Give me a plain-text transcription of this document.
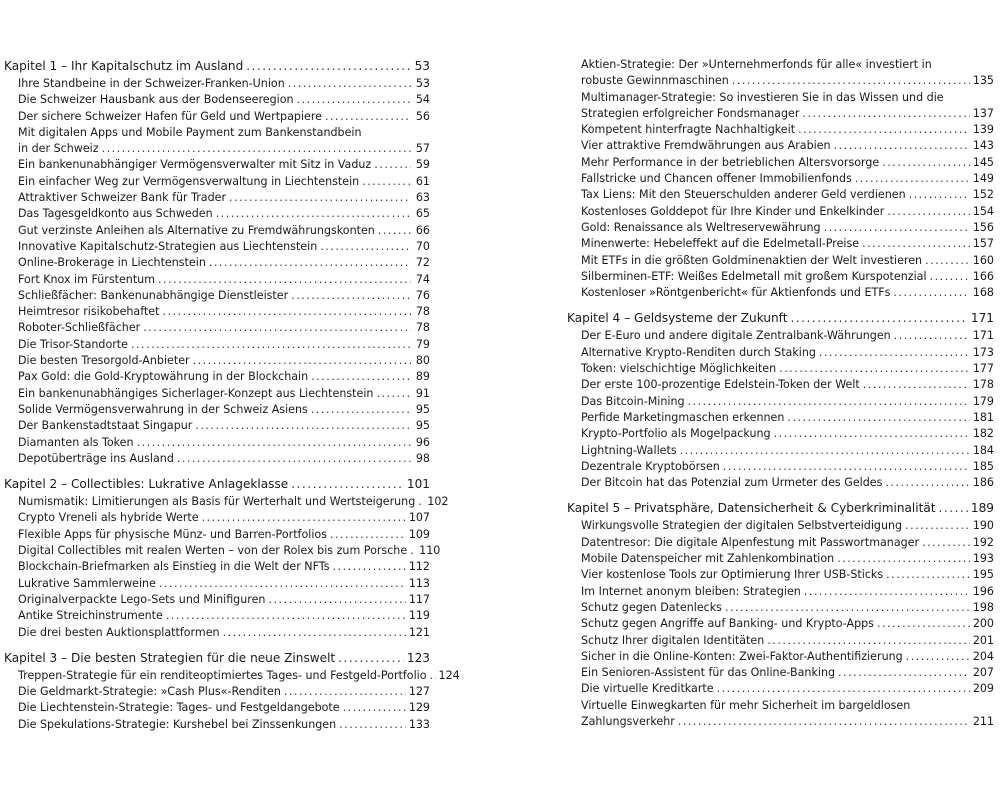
Kapitel 1 – Ihr Kapitalschutz im Ausland .....	53
Ihre Standbeine in der Schweizer-Franken-Union .....	53
Die Schweizer Hausbank aus der Bodenseeregion .....	54
Der sichere Schweizer Hafen für Geld und Wertpapiere .....	56
Mit digitalen Apps und Mobile Payment zum Bankenstandbein
in der Schweiz .....	57
Ein bankenunabhängiger Vermögensverwalter mit Sitz in Vaduz .....	59
Ein einfacher Weg zur Vermögensverwaltung in Liechtenstein .....	61
Attraktiver Schweizer Bank für Trader .....	63
Das Tagesgeldkonto aus Schweden .....	65
Gut verzinste Anleihen als Alternative zu Fremdwährungskonten .....	66
Innovative Kapitalschutz-Strategien aus Liechtenstein .....	70
Online-Brokerage in Liechtenstein .....	72
Fort Knox im Fürstentum .....	74
Schließfächer: Bankenunabhängige Dienstleister .....	76
Heimtresor risikobehaftet .....	78
Roboter-Schließfächer .....	78
Die Trisor-Standorte .....	79
Die besten Tresorgold-Anbieter .....	80
Pax Gold: die Gold-Kryptowährung in der Blockchain .....	89
Ein bankenunabhängiges Sicherlager-Konzept aus Liechtenstein .....	91
Solide Vermögensverwahrung in der Schweiz Asiens .....	95
Der Bankenstadtstaat Singapur .....	95
Diamanten als Token .....	96
Depotüberträge ins Ausland .....	98
Kapitel 2 – Collectibles: Lukrative Anlageklasse .....	101
Numismatik: Limitierungen als Basis für Werterhalt und Wertsteigerung ..... 102
Crypto Vreneli als hybride Werte .....	107
Flexible Apps für physische Münz- und Barren-Portfolios .....	109
Digital Collectibles mit realen Werten – von der Rolex bis zum Porsche ..... 110
Blockchain-Briefmarken als Einstieg in die Welt der NFTs .....	112
Lukrative Sammlerweine .....	113
Originalverpackte Lego-Sets und Minifiguren .....	117
Antike Streichinstrumente .....	119
Die drei besten Auktionsplattformen .....	121
Kapitel 3 – Die besten Strategien für die neue Zinswelt .....	123
Treppen-Strategie für ein renditeoptimiertes Tages- und Festgeld-Portfolio ..... 124
Die Geldmarkt-Strategie: »Cash Plus«-Renditen .....	127
Die Liechtenstein-Strategie: Tages- und Festgeldangebote .....	129
Die Spekulations-Strategie: Kurshebel bei Zinssenkungen .....	133
Aktien-Strategie: Der »Unternehmerfonds für alle« investiert in
robuste Gewinnmaschinen .....	135
Multimanager-Strategie: So investieren Sie in das Wissen und die
Strategien erfolgreicher Fondsmanager .....	137
Kompetent hinterfragte Nachhaltigkeit .....	139
Vier attraktive Fremdwährungen aus Arabien .....	143
Mehr Performance in der betrieblichen Altersvorsorge .....	145
Fallstricke und Chancen offener Immobilienfonds .....	149
Tax Liens: Mit den Steuerschulden anderer Geld verdienen .....	152
Kostenloses Golddepot für Ihre Kinder und Enkelkinder .....	154
Gold: Renaissance als Weltreservewährung .....	156
Minenwerte: Hebeleffekt auf die Edelmetall-Preise .....	157
Mit ETFs in die größten Goldminenaktien der Welt investieren .....	160
Silberminen-ETF: Weißes Edelmetall mit großem Kurspotenzial .....	166
Kostenloser »Röntgenbericht« für Aktienfonds und ETFs .....	168
Kapitel 4 – Geldsysteme der Zukunft .....	171
Der E-Euro und andere digitale Zentralbank-Währungen .....	171
Alternative Krypto-Renditen durch Staking .....	173
Token: vielschichtige Möglichkeiten .....	177
Der erste 100-prozentige Edelstein-Token der Welt .....	178
Das Bitcoin-Mining .....	179
Perfide Marketingmaschen erkennen .....	181
Krypto-Portfolio als Mogelpackung .....	182
Lightning-Wallets .....	184
Dezentrale Kryptobörsen .....	185
Der Bitcoin hat das Potenzial zum Urmeter des Geldes .....	186
Kapitel 5 – Privatsphäre, Datensicherheit & Cyberkriminalität .....	189
Wirkungsvolle Strategien der digitalen Selbstverteidigung .....	190
Datentresor: Die digitale Alpenfestung mit Passwortmanager .....	192
Mobile Datenspeicher mit Zahlenkombination .....	193
Vier kostenlose Tools zur Optimierung Ihrer USB-Sticks .....	195
Im Internet anonym bleiben: Strategien .....	196
Schutz gegen Datenlecks .....	198
Schutz gegen Angriffe auf Banking- und Krypto-Apps .....	200
Schutz Ihrer digitalen Identitäten .....	201
Sicher in die Online-Konten: Zwei-Faktor-Authentifizierung .....	204
Ein Senioren-Assistent für das Online-Banking .....	207
Die virtuelle Kreditkarte .....	209
Virtuelle Einwegkarten für mehr Sicherheit im bargeldlosen
Zahlungsverkehr .....	211
